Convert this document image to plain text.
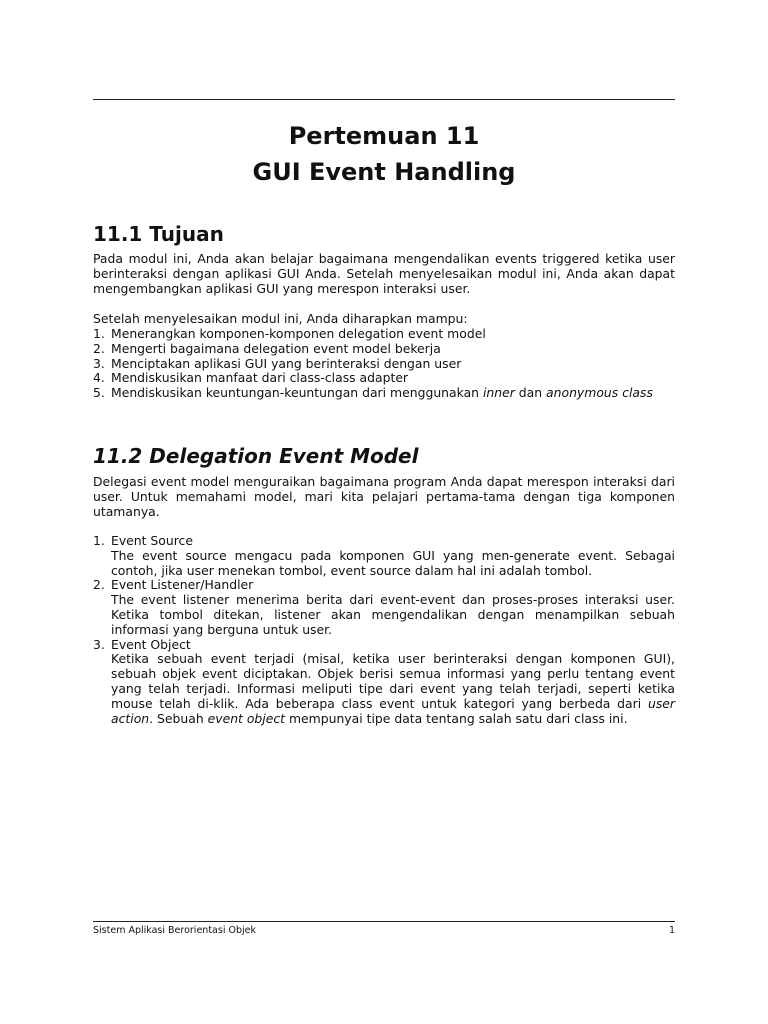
Pertemuan 11

GUI Event Handling

11.1 Tujuan

Pada modul ini, Anda akan belajar bagaimana mengendalikan events triggered ketika user berinteraksi dengan aplikasi GUI Anda. Setelah menyelesaikan modul ini, Anda akan dapat mengembangkan aplikasi GUI yang merespon interaksi user.

Setelah menyelesaikan modul ini, Anda diharapkan mampu:

1. Menerangkan komponen-komponen delegation event model
2. Mengerti bagaimana delegation event model bekerja
3. Menciptakan aplikasi GUI yang berinteraksi dengan user
4. Mendiskusikan manfaat dari class-class adapter
5. Mendiskusikan keuntungan-keuntungan dari menggunakan inner dan anonymous class
11.2 Delegation Event Model

Delegasi event model menguraikan bagaimana program Anda dapat merespon interaksi dari user. Untuk memahami model, mari kita pelajari pertama-tama dengan tiga komponen utamanya.

1. Event Source
The event source mengacu pada komponen GUI yang men-generate event. Sebagai contoh, jika user menekan tombol, event source dalam hal ini adalah tombol.
2. Event Listener/Handler
The event listener menerima berita dari event-event dan proses-proses interaksi user. Ketika tombol ditekan, listener akan mengendalikan dengan menampilkan sebuah informasi yang berguna untuk user.
3. Event Object
Ketika sebuah event terjadi (misal, ketika user berinteraksi dengan komponen GUI), sebuah objek event diciptakan. Objek berisi semua informasi yang perlu tentang event yang telah terjadi. Informasi meliputi tipe dari event yang telah terjadi, seperti ketika mouse telah di-klik. Ada beberapa class event untuk kategori yang berbeda dari user action. Sebuah event object mempunyai tipe data tentang salah satu dari class ini.
Sistem Aplikasi Berorientasi Objek	1
